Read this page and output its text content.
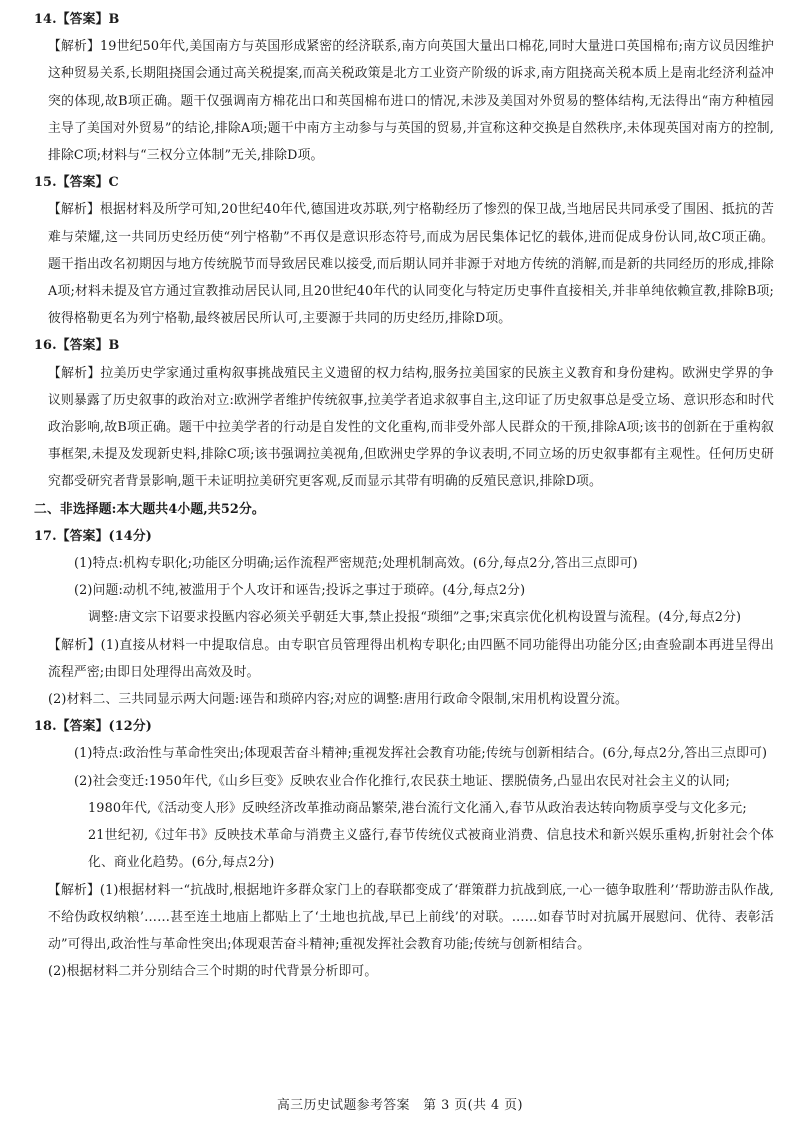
14.【答案】B

【解析】19世纪50年代,美国南方与英国形成紧密的经济联系,南方向英国大量出口棉花,同时大量进口英国棉布;南方议员因维护这种贸易关系,长期阻挠国会通过高关税提案,而高关税政策是北方工业资产阶级的诉求,南方阻挠高关税本质上是南北经济利益冲突的体现,故B项正确。题干仅强调南方棉花出口和英国棉布进口的情况,未涉及美国对外贸易的整体结构,无法得出“南方种植园主导了美国对外贸易”的结论,排除A项;题干中南方主动参与与英国的贸易,并宣称这种交换是自然秩序,未体现英国对南方的控制,排除C项;材料与“三权分立体制”无关,排除D项。

15.【答案】C

【解析】根据材料及所学可知,20世纪40年代,德国进攻苏联,列宁格勒经历了惨烈的保卫战,当地居民共同承受了围困、抵抗的苦难与荣耀,这一共同历史经历使“列宁格勒”不再仅是意识形态符号,而成为居民集体记忆的载体,进而促成身份认同,故C项正确。题干指出改名初期因与地方传统脱节而导致居民难以接受,而后期认同并非源于对地方传统的消解,而是新的共同经历的形成,排除A项;材料未提及官方通过宣教推动居民认同,且20世纪40年代的认同变化与特定历史事件直接相关,并非单纯依赖宣教,排除B项;彼得格勒更名为列宁格勒,最终被居民所认可,主要源于共同的历史经历,排除D项。

16.【答案】B

【解析】拉美历史学家通过重构叙事挑战殖民主义遗留的权力结构,服务拉美国家的民族主义教育和身份建构。欧洲史学界的争议则暴露了历史叙事的政治对立:欧洲学者维护传统叙事,拉美学者追求叙事自主,这印证了历史叙事总是受立场、意识形态和时代政治影响,故B项正确。题干中拉美学者的行动是自发性的文化重构,而非受外部人民群众的干预,排除A项;该书的创新在于重构叙事框架,未提及发现新史料,排除C项;该书强调拉美视角,但欧洲史学界的争议表明,不同立场的历史叙事都有主观性。任何历史研究都受研究者背景影响,题干未证明拉美研究更客观,反而显示其带有明确的反殖民意识,排除D项。

二、非选择题:本大题共4小题,共52分。

17.【答案】(14分)

(1)特点:机构专职化;功能区分明确;运作流程严密规范;处理机制高效。(6分,每点2分,答出三点即可)

(2)问题:动机不纯,被滥用于个人攻讦和诬告;投诉之事过于琐碎。(4分,每点2分)

调整:唐文宗下诏要求投匦内容必须关乎朝廷大事,禁止投报“琐细”之事;宋真宗优化机构设置与流程。(4分,每点2分)

【解析】(1)直接从材料一中提取信息。由专职官员管理得出机构专职化;由四匦不同功能得出功能分区;由查验副本再进呈得出流程严密;由即日处理得出高效及时。

(2)材料二、三共同显示两大问题:诬告和琐碎内容;对应的调整:唐用行政命令限制,宋用机构设置分流。

18.【答案】(12分)

(1)特点:政治性与革命性突出;体现艰苦奋斗精神;重视发挥社会教育功能;传统与创新相结合。(6分,每点2分,答出三点即可)

(2)社会变迁:1950年代,《山乡巨变》反映农业合作化推行,农民获土地证、摆脱债务,凸显出农民对社会主义的认同;

1980年代,《活动变人形》反映经济改革推动商品繁荣,港台流行文化涌入,春节从政治表达转向物质享受与文化多元;

21世纪初,《过年书》反映技术革命与消费主义盛行,春节传统仪式被商业消费、信息技术和新兴娱乐重构,折射社会个体化、商业化趋势。(6分,每点2分)

【解析】(1)根据材料一“抗战时,根据地许多群众家门上的春联都变成了‘群策群力抗战到底,一心一德争取胜利’‘帮助游击队作战,不给伪政权纳粮’……甚至连土地庙上都贴上了‘土地也抗战,早已上前线’的对联。……如春节时对抗属开展慰问、优待、表彰活动”可得出,政治性与革命性突出;体现艰苦奋斗精神;重视发挥社会教育功能;传统与创新相结合。

(2)根据材料二并分别结合三个时期的时代背景分析即可。

高三历史试题参考答案　第 3 页(共 4 页)
